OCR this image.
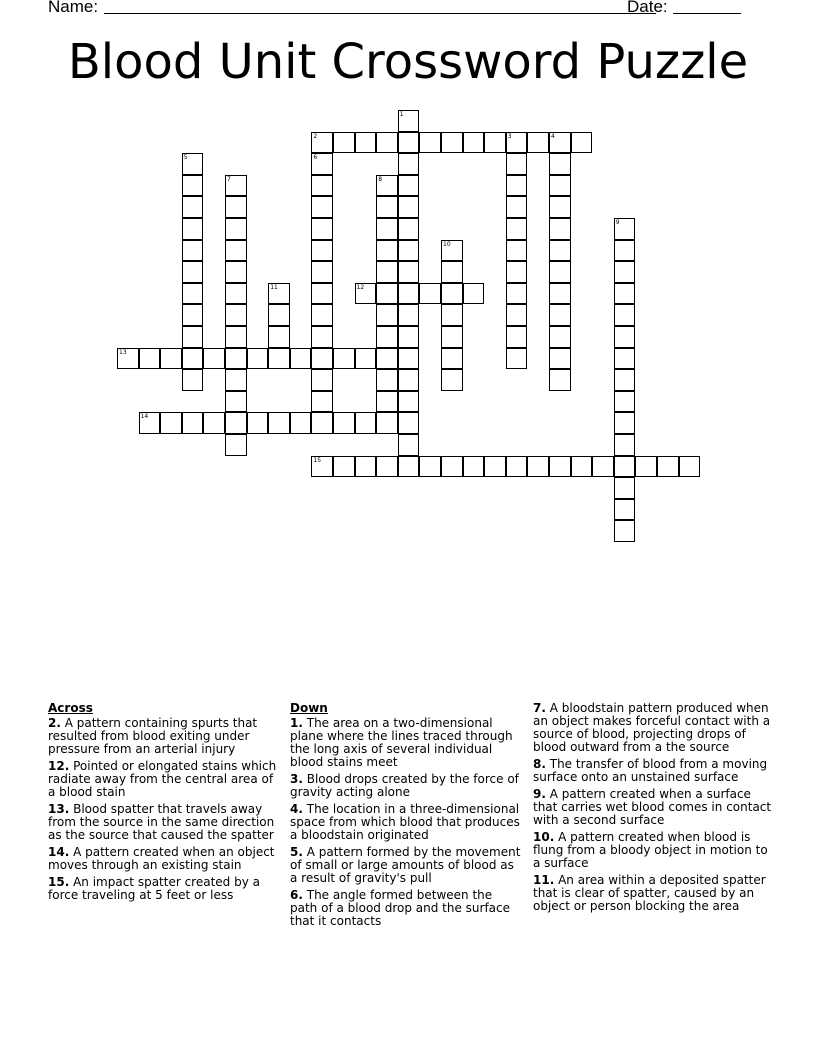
Name:	Date:
Blood Unit Crossword Puzzle
1
2	3	4
5	6
7	8
9
10
11	12
13
14
15
Across
2. A pattern containing spurts that resulted from blood exiting under pressure from an arterial injury
12. Pointed or elongated stains which radiate away from the central area of a blood stain
13. Blood spatter that travels away from the source in the same direction as the source that caused the spatter
14. A pattern created when an object moves through an existing stain
15. An impact spatter created by a force traveling at 5 feet or less
Down
1. The area on a two-dimensional plane where the lines traced through the long axis of several individual blood stains meet
3. Blood drops created by the force of gravity acting alone
4. The location in a three-dimensional space from which blood that produces a bloodstain originated
5. A pattern formed by the movement of small or large amounts of blood as a result of gravity's pull
6. The angle formed between the path of a blood drop and the surface that it contacts
7. A bloodstain pattern produced when an object makes forceful contact with a source of blood, projecting drops of blood outward from a the source
8. The transfer of blood from a moving surface onto an unstained surface
9. A pattern created when a surface that carries wet blood comes in contact with a second surface
10. A pattern created when blood is flung from a bloody object in motion to a surface
11. An area within a deposited spatter that is clear of spatter, caused by an object or person blocking the area
